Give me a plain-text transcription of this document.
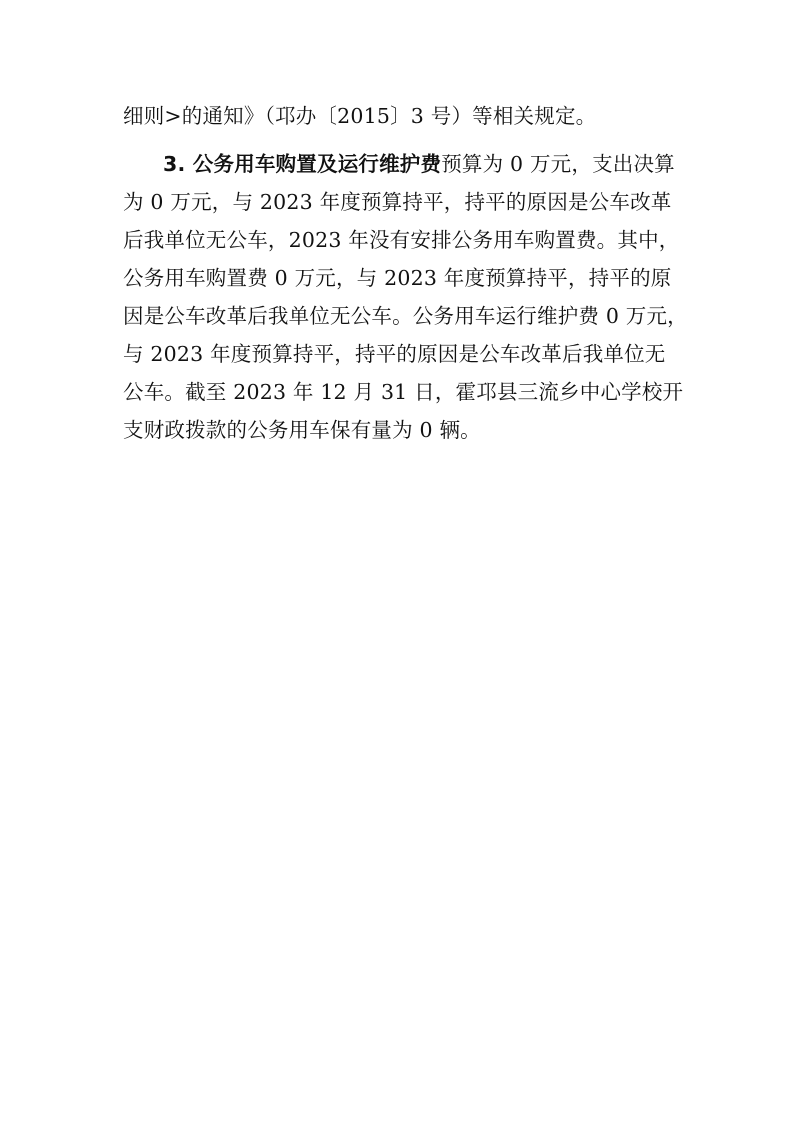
细则>的通知》（邛办〔2015〕3 号）等相关规定。
3. 公务用车购置及运行维护费预算为 0 万元，支出决算
为 0 万元，与 2023 年度预算持平，持平的原因是公车改革
后我单位无公车，2023 年没有安排公务用车购置费。其中，
公务用车购置费 0 万元，与 2023 年度预算持平，持平的原
因是公车改革后我单位无公车。公务用车运行维护费 0 万元，
与 2023 年度预算持平，持平的原因是公车改革后我单位无
公车。截至 2023 年 12 月 31 日，霍邛县三流乡中心学校开
支财政拨款的公务用车保有量为 0 辆。
